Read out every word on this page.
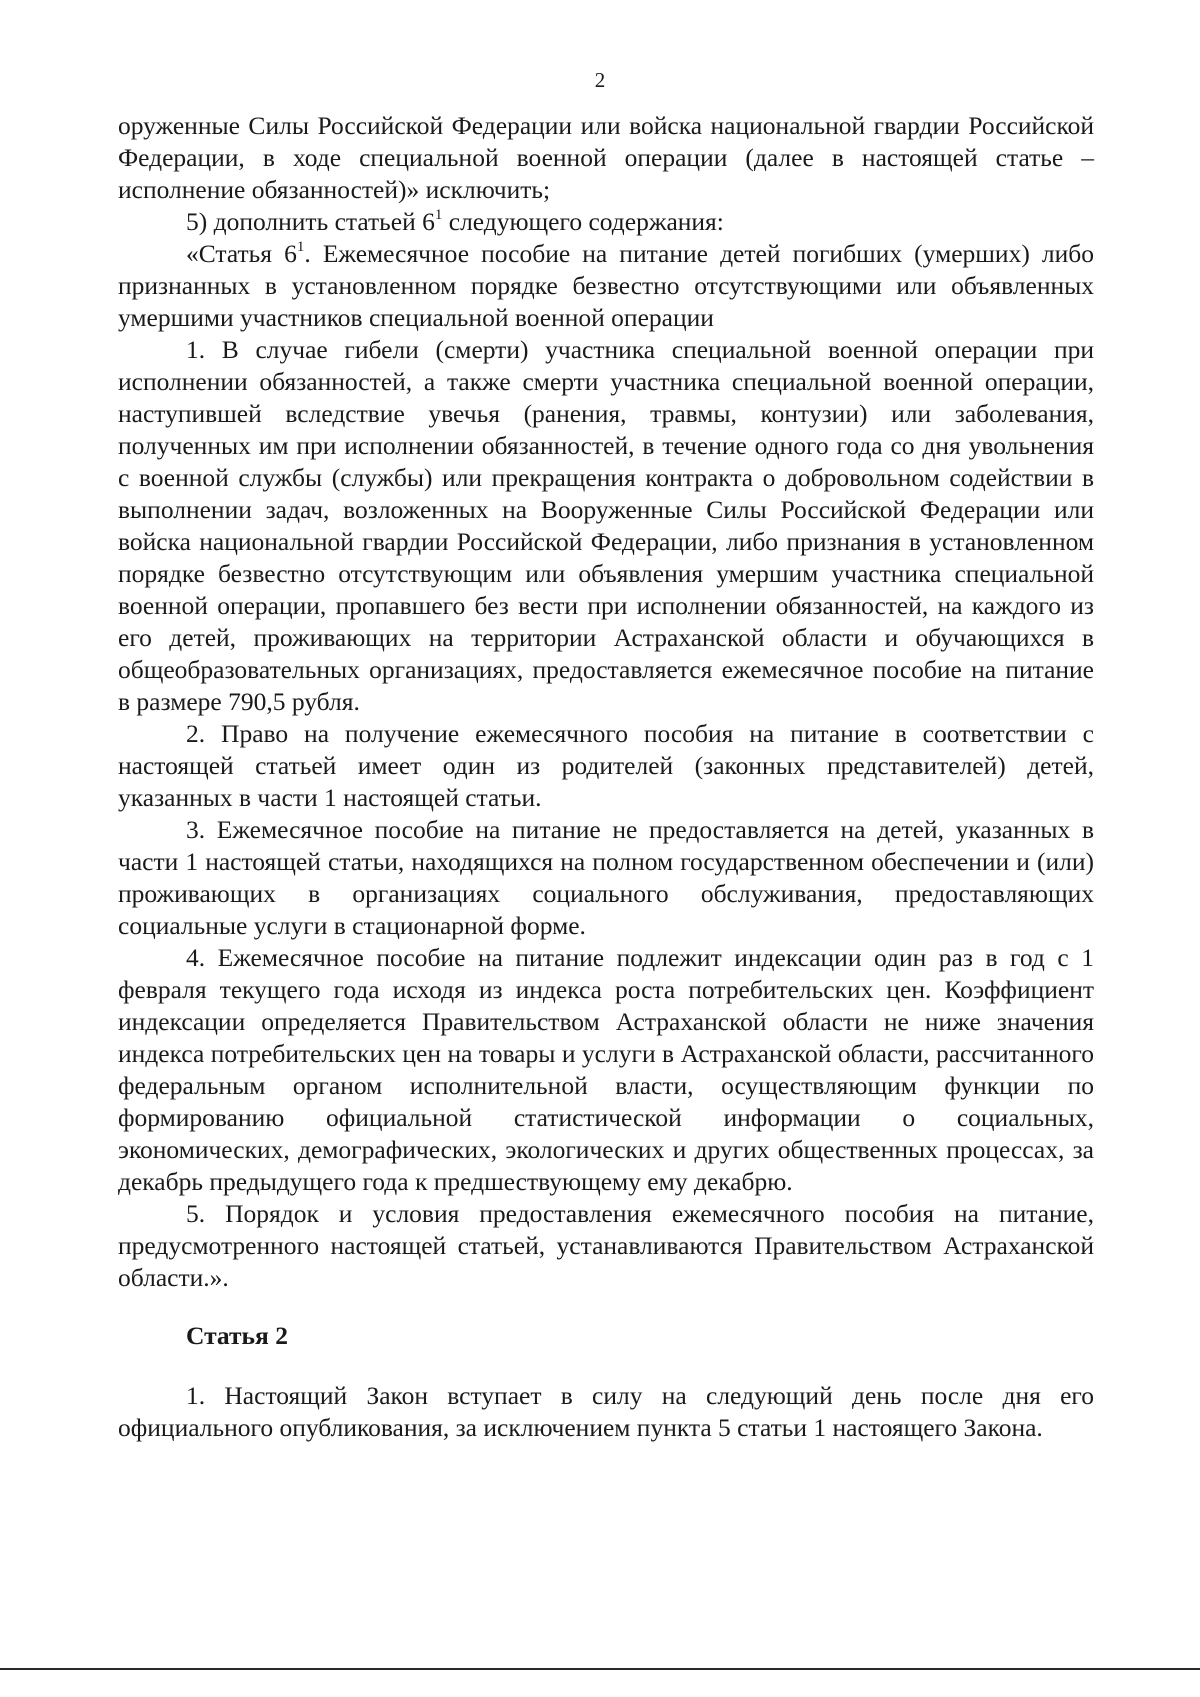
2

оруженные Силы Российской Федерации или войска национальной гвардии Российской Федерации, в ходе специальной военной операции (далее в настоящей статье – исполнение обязанностей)» исключить;

5) дополнить статьей $6^1$ следующего содержания:

«Статья $6^1$. Ежемесячное пособие на питание детей погибших (умерших) либо признанных в установленном порядке безвестно отсутствующими или объявленных умершими участников специальной военной операции

1. В случае гибели (смерти) участника специальной военной операции при исполнении обязанностей, а также смерти участника специальной военной операции, наступившей вследствие увечья (ранения, травмы, контузии) или заболевания, полученных им при исполнении обязанностей, в течение одного года со дня увольнения с военной службы (службы) или прекращения контракта о добровольном содействии в выполнении задач, возложенных на Вооруженные Силы Российской Федерации или войска национальной гвардии Российской Федерации, либо признания в установленном порядке безвестно отсутствующим или объявления умершим участника специальной военной операции, пропавшего без вести при исполнении обязанностей, на каждого из его детей, проживающих на территории Астраханской области и обучающихся в общеобразовательных организациях, предоставляется ежемесячное пособие на питание в размере 790,5 рубля.

2. Право на получение ежемесячного пособия на питание в соответствии с настоящей статьей имеет один из родителей (законных представителей) детей, указанных в части 1 настоящей статьи.

3. Ежемесячное пособие на питание не предоставляется на детей, указанных в части 1 настоящей статьи, находящихся на полном государственном обеспечении и (или) проживающих в организациях социального обслуживания, предоставляющих социальные услуги в стационарной форме.

4. Ежемесячное пособие на питание подлежит индексации один раз в год с 1 февраля текущего года исходя из индекса роста потребительских цен. Коэффициент индексации определяется Правительством Астраханской области не ниже значения индекса потребительских цен на товары и услуги в Астраханской области, рассчитанного федеральным органом исполнительной власти, осуществляющим функции по формированию официальной статистической информации о социальных, экономических, демографических, экологических и других общественных процессах, за декабрь предыдущего года к предшествующему ему декабрю.

5. Порядок и условия предоставления ежемесячного пособия на питание, предусмотренного настоящей статьей, устанавливаются Правительством Астраханской области.».

Статья 2

1. Настоящий Закон вступает в силу на следующий день после дня его официального опубликования, за исключением пункта 5 статьи 1 настоящего Закона.
